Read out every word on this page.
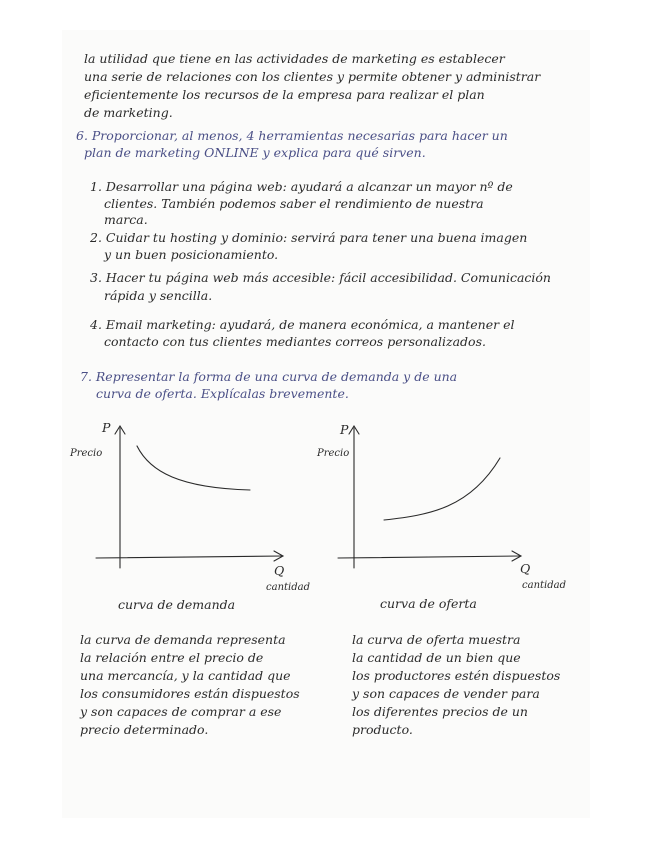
la utilidad que tiene en las actividades de marketing es establecer
una serie de relaciones con los clientes y permite obtener y administrar
eficientemente los recursos de la empresa para realizar el plan
de marketing.
6. Proporcionar, al menos, 4 herramientas necesarias para hacer un
plan de marketing ONLINE y explica para qué sirven.
1. Desarrollar una página web: ayudará a alcanzar un mayor nº de
clientes. También podemos saber el rendimiento de nuestra
marca.
2. Cuidar tu hosting y dominio: servirá para tener una buena imagen
y un buen posicionamiento.
3. Hacer tu página web más accesible: fácil accesibilidad. Comunicación
rápida y sencilla.
4. Email marketing: ayudará, de manera económica, a mantener el
contacto con tus clientes mediantes correos personalizados.
7. Representar la forma de una curva de demanda y de una
curva de oferta. Explícalas brevemente.
P
Precio
Q
cantidad
curva de demanda
P
Precio
Q
cantidad
curva de oferta
la curva de demanda representa
la relación entre el precio de
una mercancía, y la cantidad que
los consumidores están dispuestos
y son capaces de comprar a ese
precio determinado.
la curva de oferta muestra
la cantidad de un bien que
los productores estén dispuestos
y son capaces de vender para
los diferentes precios de un
producto.
